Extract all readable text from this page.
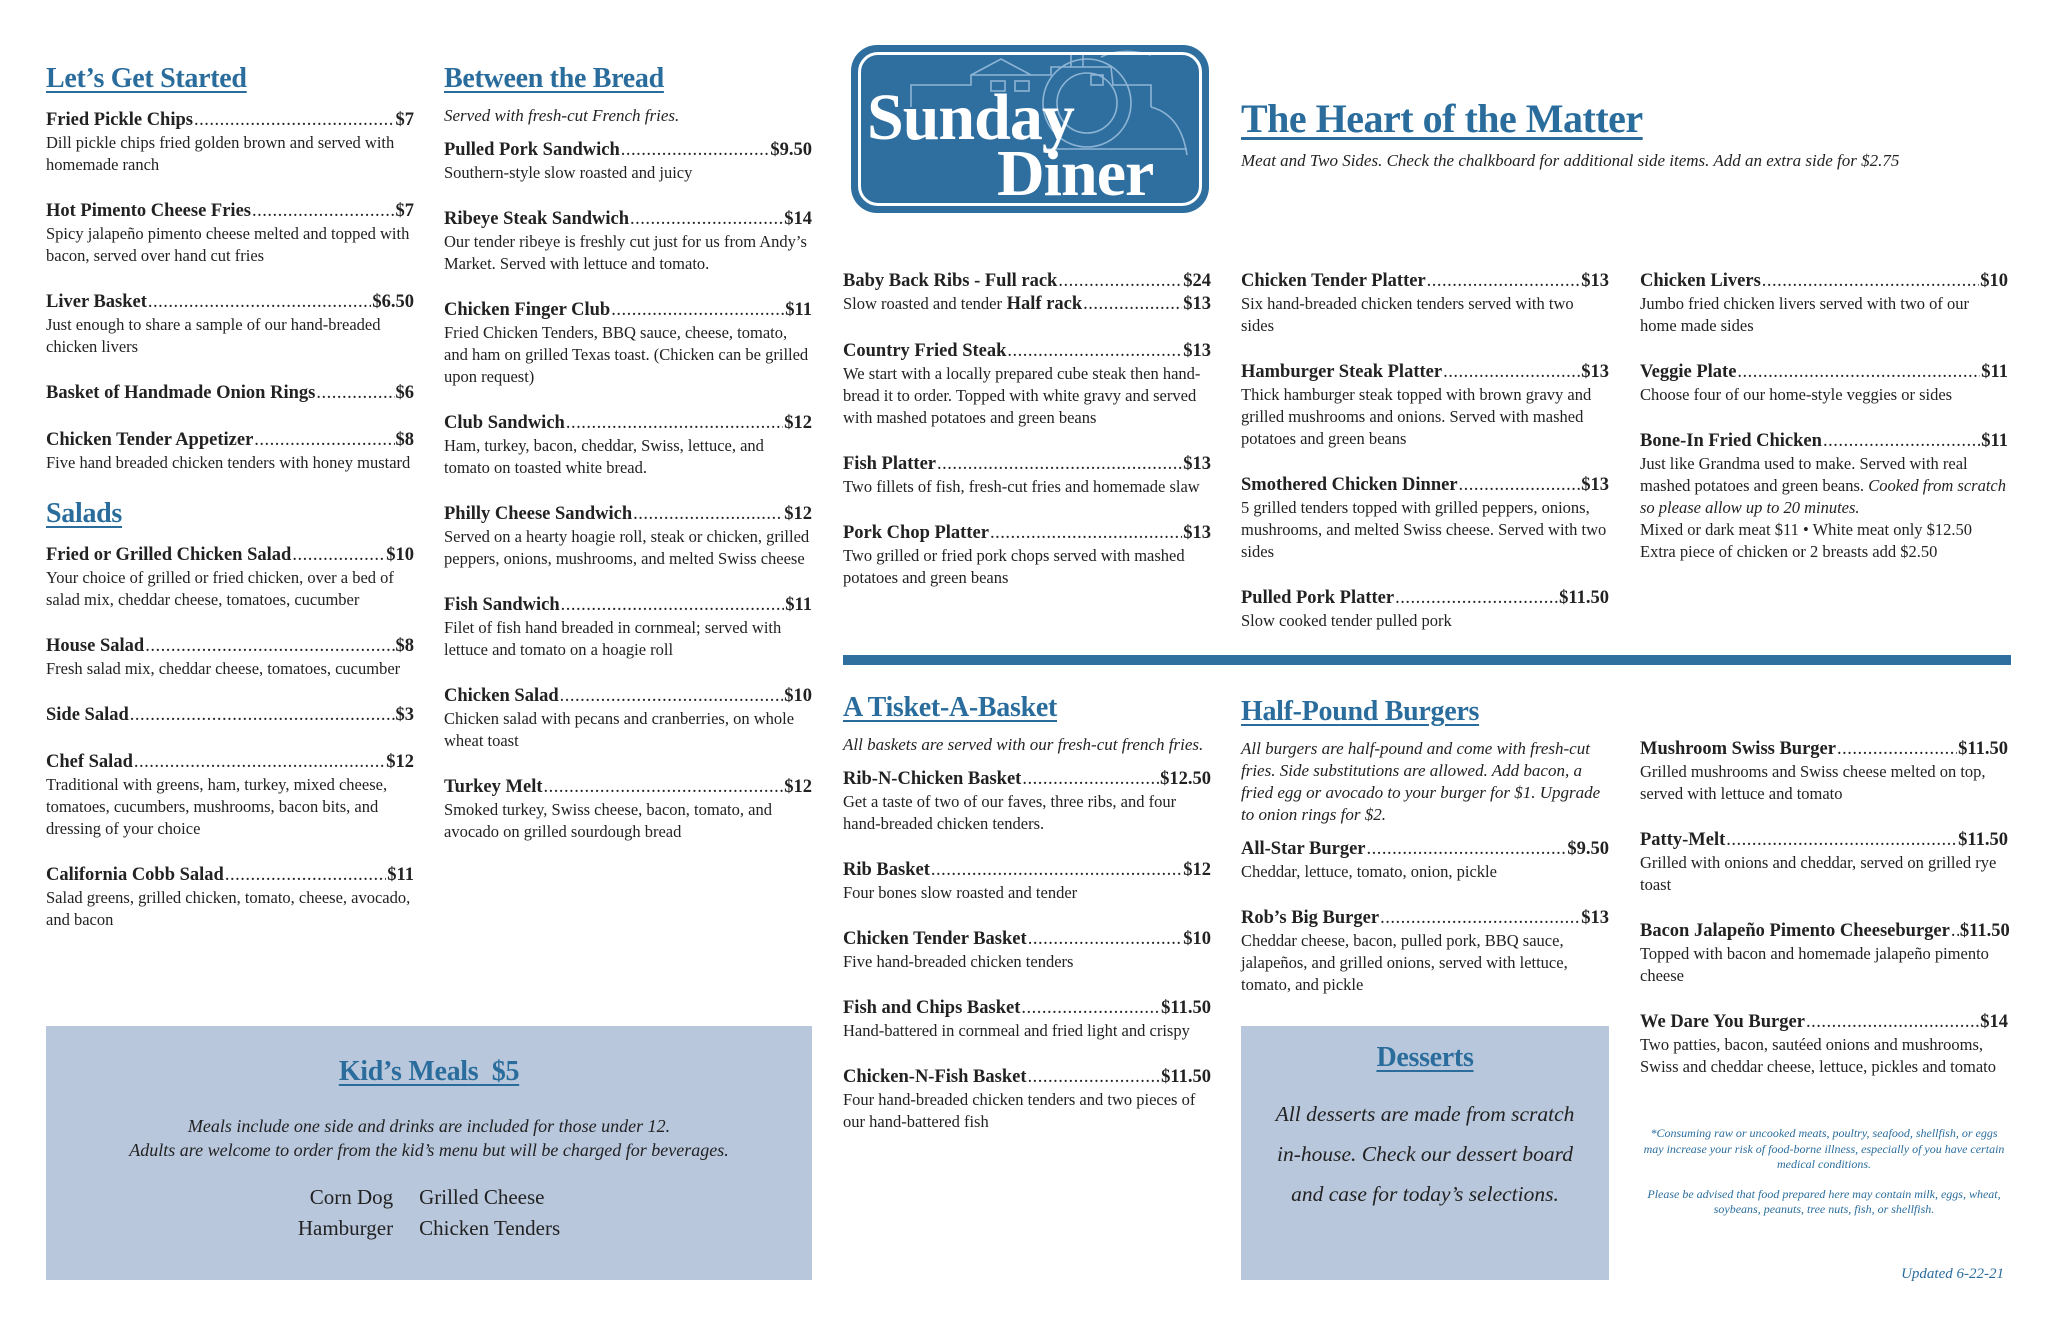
Let’s Get Started
Fried Pickle Chips .....	$7
Dill pickle chips fried golden brown and served with homemade ranch
Hot Pimento Cheese Fries .....	$7
Spicy jalapeño pimento cheese melted and topped with bacon, served over hand cut fries
Liver Basket .....	$6.50
Just enough to share a sample of our hand-breaded chicken livers
Basket of Handmade Onion Rings .....	$6
Chicken Tender Appetizer .....	$8
Five hand breaded chicken tenders with honey mustard
Salads
Fried or Grilled Chicken Salad .....	$10
Your choice of grilled or fried chicken, over a bed of salad mix, cheddar cheese, tomatoes, cucumber
House Salad .....	$8
Fresh salad mix, cheddar cheese, tomatoes, cucumber
Side Salad .....	$3
Chef Salad .....	$12
Traditional with greens, ham, turkey, mixed cheese, tomatoes, cucumbers, mushrooms, bacon bits, and dressing of your choice
California Cobb Salad .....	$11
Salad greens, grilled chicken, tomato, cheese, avocado, and bacon
Between the Bread
Served with fresh-cut French fries.
Pulled Pork Sandwich .....	$9.50
Southern-style slow roasted and juicy
Ribeye Steak Sandwich .....	$14
Our tender ribeye is freshly cut just for us from Andy’s Market. Served with lettuce and tomato.
Chicken Finger Club .....	$11
Fried Chicken Tenders, BBQ sauce, cheese, tomato, and ham on grilled Texas toast. (Chicken can be grilled upon request)
Club Sandwich .....	$12
Ham, turkey, bacon, cheddar, Swiss, lettuce, and tomato on toasted white bread.
Philly Cheese Sandwich .....	$12
Served on a hearty hoagie roll, steak or chicken, grilled peppers, onions, mushrooms, and melted Swiss cheese
Fish Sandwich .....	$11
Filet of fish hand breaded in cornmeal; served with lettuce and tomato on a hoagie roll
Chicken Salad .....	$10
Chicken salad with pecans and cranberries, on whole wheat toast
Turkey Melt .....	$12
Smoked turkey, Swiss cheese, bacon, tomato, and avocado on grilled sourdough bread
Sunday
Diner
The Heart of the Matter
Meat and Two Sides. Check the chalkboard for additional side items. Add an extra side for $2.75
Baby Back Ribs - Full rack .....	$24
Slow roasted and tender
Half rack .....	$13
Country Fried Steak .....	$13
We start with a locally prepared cube steak then hand-bread it to order. Topped with white gravy and served with mashed potatoes and green beans
Fish Platter .....	$13
Two fillets of fish, fresh-cut fries and homemade slaw
Pork Chop Platter .....	$13
Two grilled or fried pork chops served with mashed potatoes and green beans
Chicken Tender Platter .....	$13
Six hand-breaded chicken tenders served with two sides
Hamburger Steak Platter .....	$13
Thick hamburger steak topped with brown gravy and grilled mushrooms and onions. Served with mashed potatoes and green beans
Smothered Chicken Dinner .....	$13
5 grilled tenders topped with grilled peppers, onions, mushrooms, and melted Swiss cheese. Served with two sides
Pulled Pork Platter .....	$11.50
Slow cooked tender pulled pork
Chicken Livers .....	$10
Jumbo fried chicken livers served with two of our home made sides
Veggie Plate .....	$11
Choose four of our home-style veggies or sides
Bone-In Fried Chicken .....	$11
Just like Grandma used to make. Served with real mashed potatoes and green beans. Cooked from scratch so please allow up to 20 minutes.
Mixed or dark meat $11 • White meat only $12.50
Extra piece of chicken or 2 breasts add $2.50
A Tisket-A-Basket
All baskets are served with our fresh-cut french fries.
Rib-N-Chicken Basket .....	$12.50
Get a taste of two of our faves, three ribs, and four hand-breaded chicken tenders.
Rib Basket .....	$12
Four bones slow roasted and tender
Chicken Tender Basket .....	$10
Five hand-breaded chicken tenders
Fish and Chips Basket .....	$11.50
Hand-battered in cornmeal and fried light and crispy
Chicken-N-Fish Basket .....	$11.50
Four hand-breaded chicken tenders and two pieces of our hand-battered fish
Half-Pound Burgers
All burgers are half-pound and come with fresh-cut fries. Side substitutions are allowed. Add bacon, a fried egg or avocado to your burger for $1. Upgrade to onion rings for $2.
All-Star Burger .....	$9.50
Cheddar, lettuce, tomato, onion, pickle
Rob’s Big Burger .....	$13
Cheddar cheese, bacon, pulled pork, BBQ sauce, jalapeños, and grilled onions, served with lettuce, tomato, and pickle
Mushroom Swiss Burger .....	$11.50
Grilled mushrooms and Swiss cheese melted on top, served with lettuce and tomato
Patty-Melt .....	$11.50
Grilled with onions and cheddar, served on grilled rye toast
Bacon Jalapeño Pimento Cheeseburger ..... $11.50
Topped with bacon and homemade jalapeño pimento cheese
We Dare You Burger .....	$14
Two patties, bacon, sautéed onions and mushrooms, Swiss and cheddar cheese, lettuce, pickles and tomato
Kid’s Meals  $5
Meals include one side and drinks are included for those under 12.
Adults are welcome to order from the kid’s menu but will be charged for beverages.
Corn Dog Grilled Cheese
Hamburger Chicken Tenders
Desserts
All desserts are made from scratch in-house. Check our dessert board and case for today’s selections.
*Consuming raw or uncooked meats, poultry, seafood, shellfish, or eggs may increase your risk of food-borne illness, especially of you have certain medical conditions.
Please be advised that food prepared here may contain milk, eggs, wheat, soybeans, peanuts, tree nuts, fish, or shellfish.
Updated 6-22-21
